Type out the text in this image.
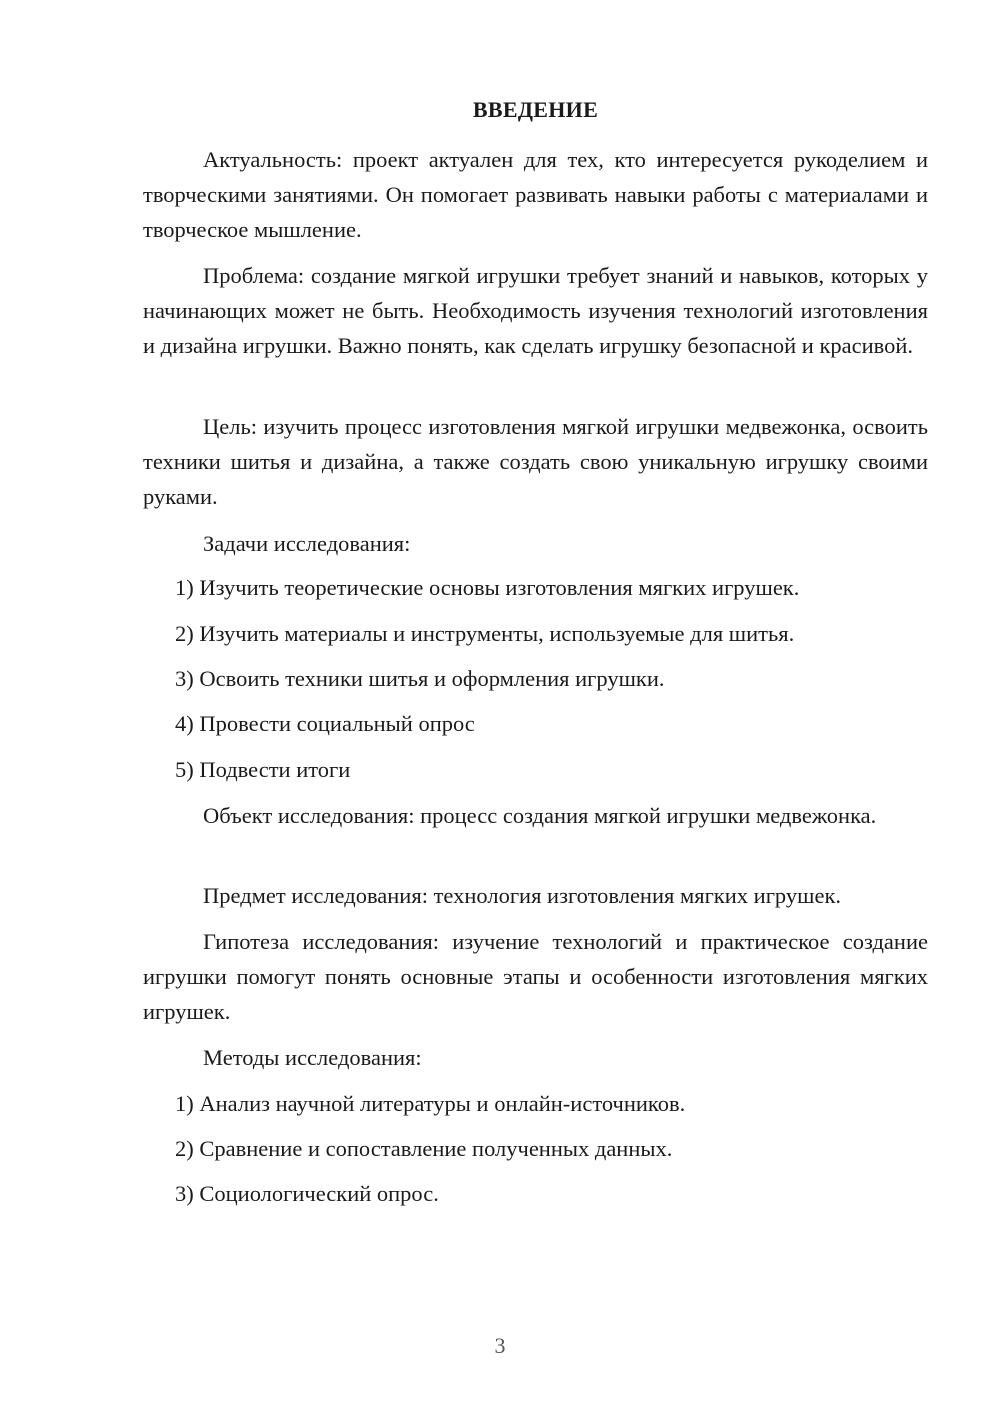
ВВЕДЕНИЕ

Актуальность: проект актуален для тех, кто интересуется рукоделием и творческими занятиями. Он помогает развивать навыки работы с материалами и творческое мышление.

Проблема: создание мягкой игрушки требует знаний и навыков, которых у начинающих может не быть. Необходимость изучения технологий изготовления и дизайна игрушки. Важно понять, как сделать игрушку безопасной и красивой.

Цель: изучить процесс изготовления мягкой игрушки медвежонка, освоить техники шитья и дизайна, а также создать свою уникальную игрушку своими руками.

Задачи исследования:

1) Изучить теоретические основы изготовления мягких игрушек.

2) Изучить материалы и инструменты, используемые для шитья.

3) Освоить техники шитья и оформления игрушки.

4) Провести социальный опрос

5) Подвести итоги

Объект исследования: процесс создания мягкой игрушки медвежонка.

Предмет исследования: технология изготовления мягких игрушек.

Гипотеза исследования: изучение технологий и практическое создание игрушки помогут понять основные этапы и особенности изготовления мягких игрушек.

Методы исследования:

1) Анализ научной литературы и онлайн-источников.

2) Сравнение и сопоставление полученных данных.

3) Социологический опрос.

3
